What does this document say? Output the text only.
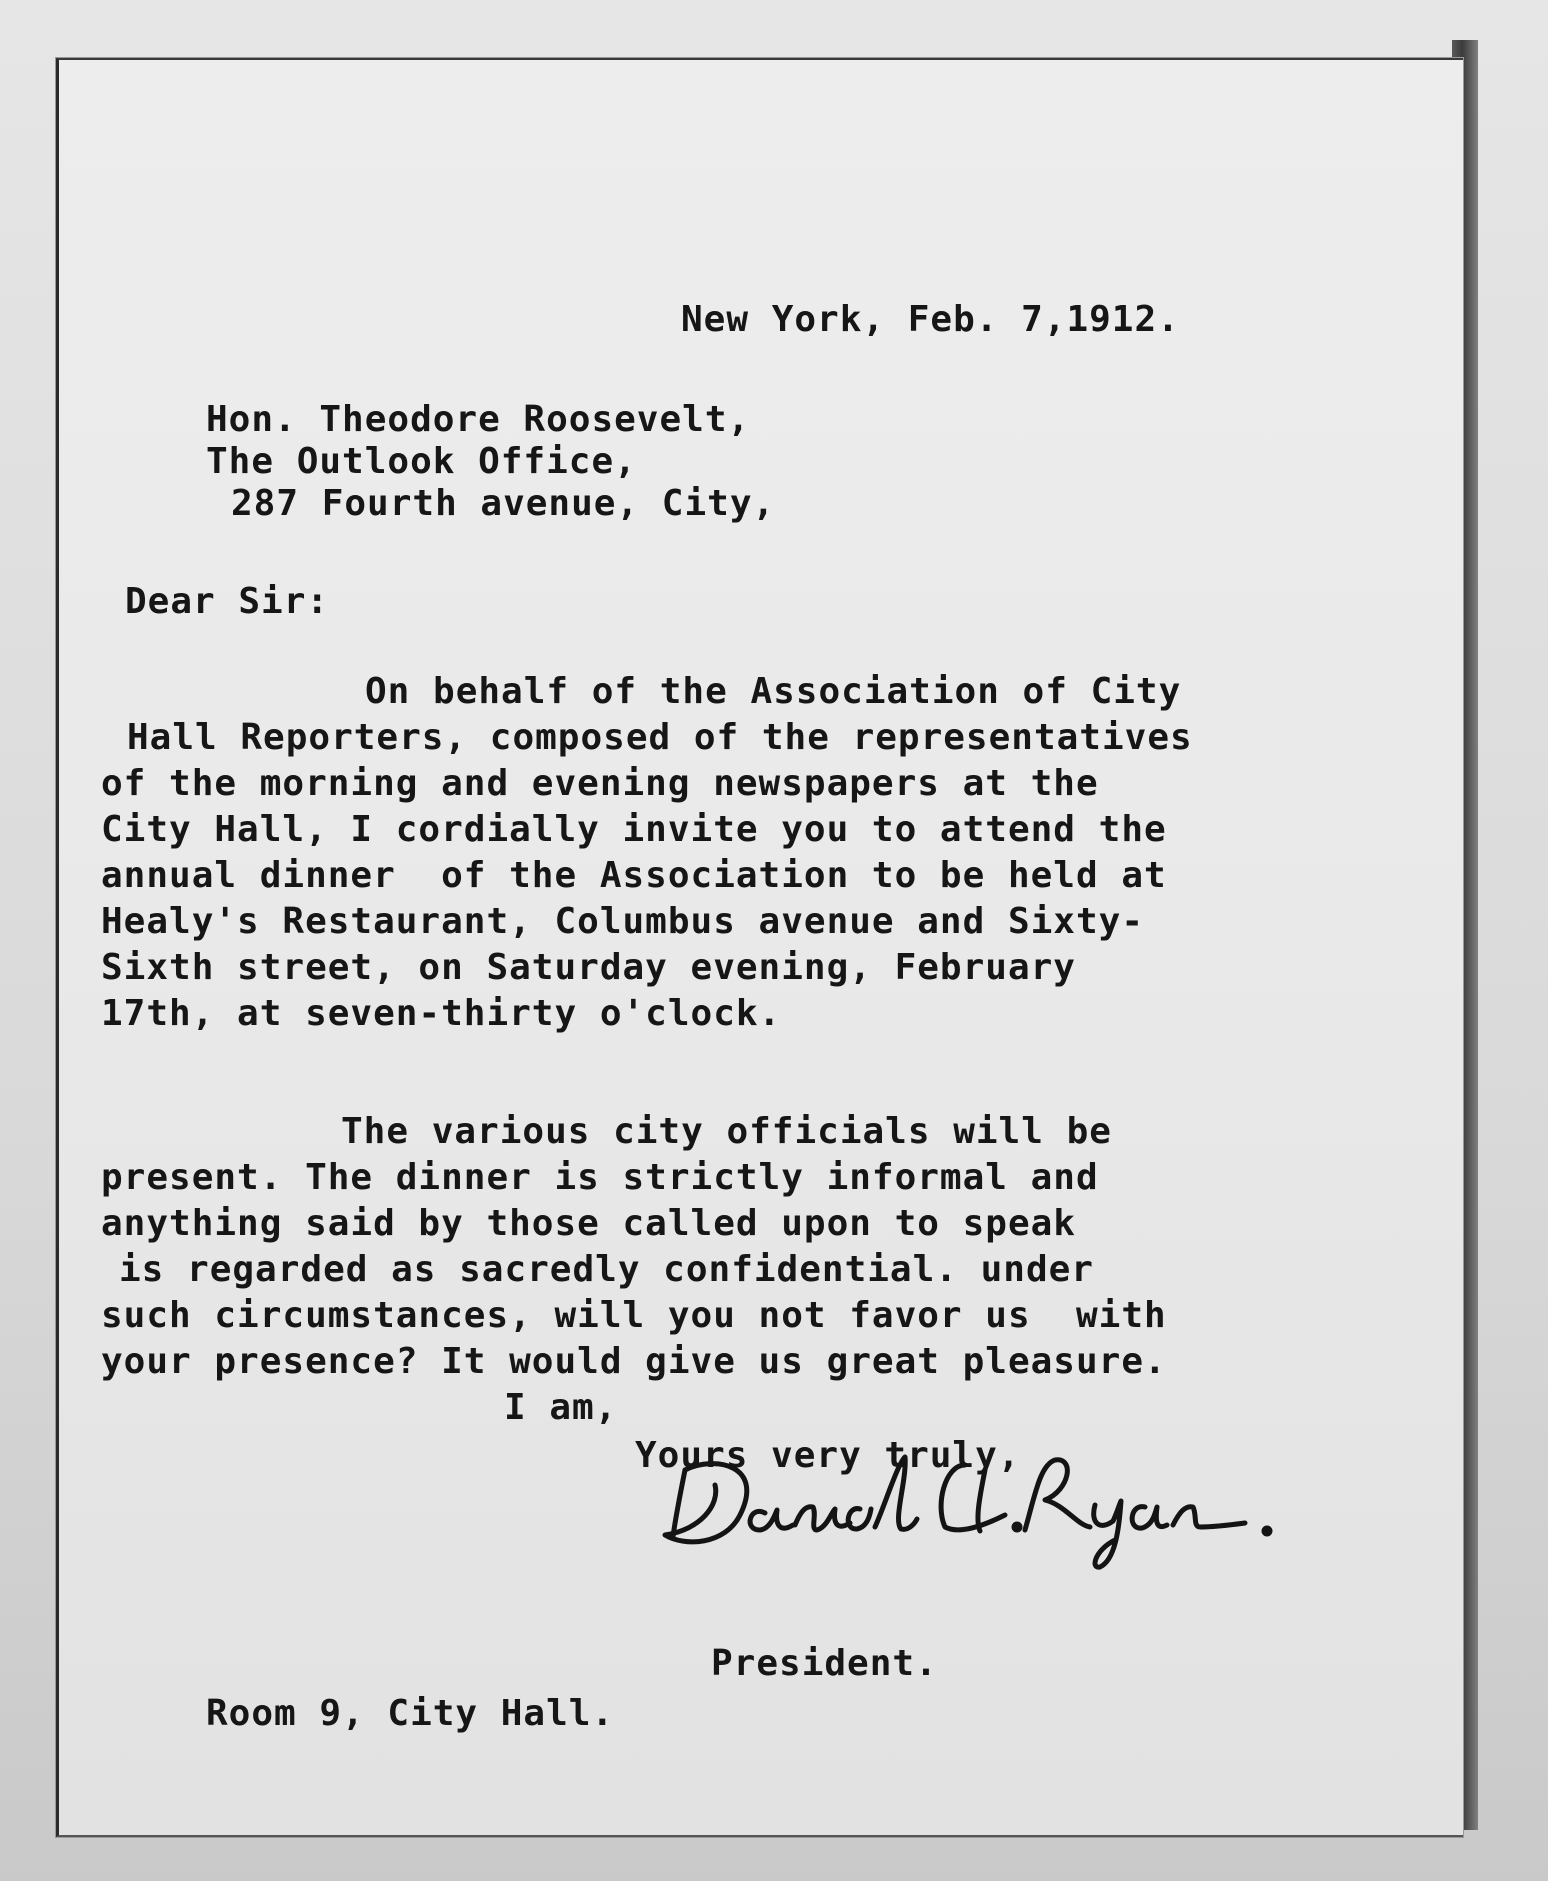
New York, Feb. 7,1912.
Hon. Theodore Roosevelt,
The Outlook Office,
287 Fourth avenue, City,
Dear Sir:
On behalf of the Association of City
Hall Reporters, composed of the representatives
of the morning and evening newspapers at the
City Hall, I cordially invite you to attend the
annual dinner  of the Association to be held at
Healy's Restaurant, Columbus avenue and Sixty-
Sixth street, on Saturday evening, February
17th, at seven-thirty o'clock.
The various city officials will be
present. The dinner is strictly informal and
anything said by those called upon to speak
is regarded as sacredly confidential. under
such circumstances, will you not favor us  with
your presence? It would give us great pleasure.
I am,
Yours very truly,
President.
Room 9, City Hall.
